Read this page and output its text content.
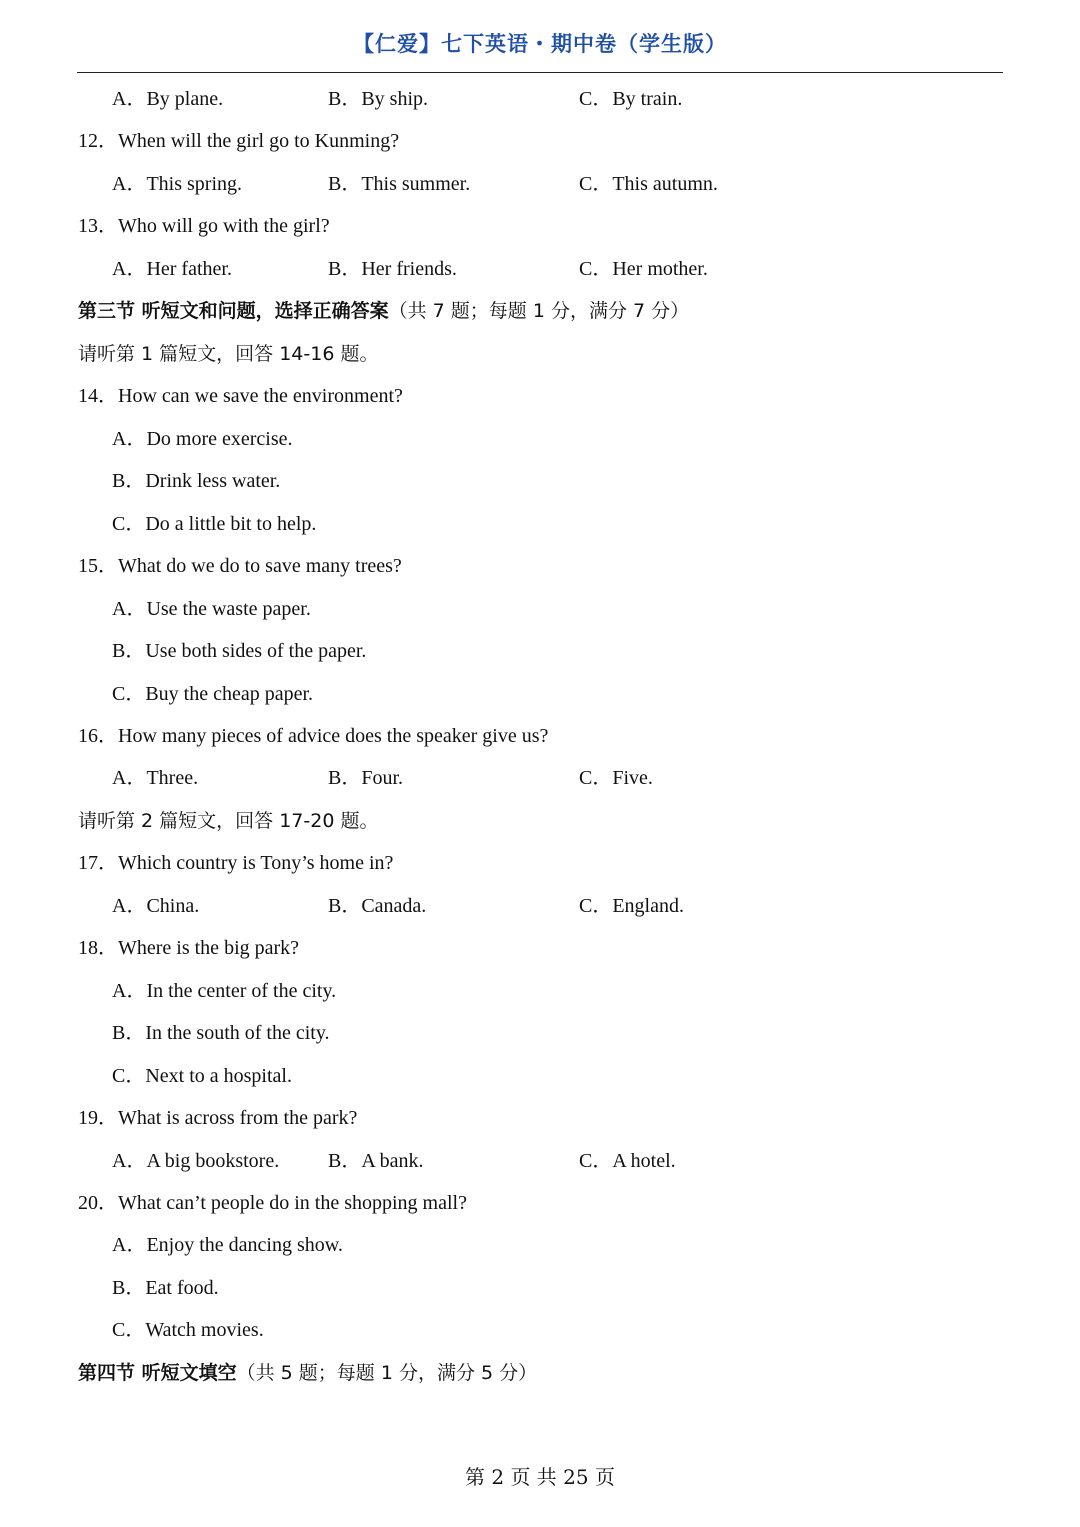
【仁爱】七下英语・期中卷（学生版）
A．By plane.	B．By ship.	C．By train.
12．When will the girl go to Kunming?
A．This spring.	B．This summer.	C．This autumn.
13．Who will go with the girl?
A．Her father.	B．Her friends.	C．Her mother.
第三节 听短文和问题，选择正确答案（共 7 题；每题 1 分，满分 7 分）
请听第 1 篇短文，回答 14-16 题。
14．How can we save the environment?
A．Do more exercise.
B．Drink less water.
C．Do a little bit to help.
15．What do we do to save many trees?
A．Use the waste paper.
B．Use both sides of the paper.
C．Buy the cheap paper.
16．How many pieces of advice does the speaker give us?
A．Three.	B．Four.	C．Five.
请听第 2 篇短文，回答 17-20 题。
17．Which country is Tony’s home in?
A．China.	B．Canada.	C．England.
18．Where is the big park?
A．In the center of the city.
B．In the south of the city.
C．Next to a hospital.
19．What is across from the park?
A．A big bookstore. B．A bank.	C．A hotel.
20．What can’t people do in the shopping mall?
A．Enjoy the dancing show.
B．Eat food.
C．Watch movies.
第四节 听短文填空（共 5 题；每题 1 分，满分 5 分）
第 2 页 共 25 页
